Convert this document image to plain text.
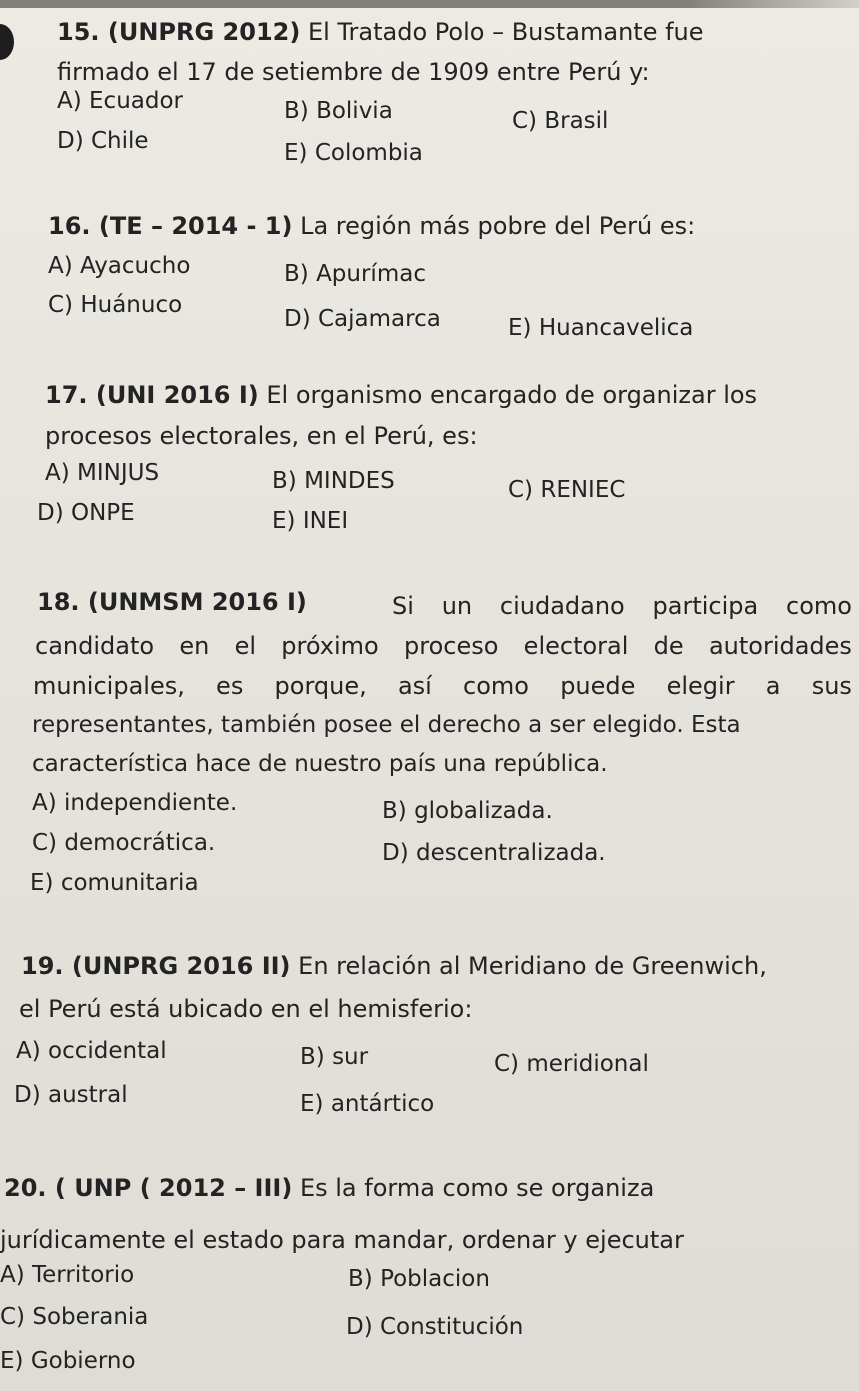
15. (UNPRG 2012) El Tratado Polo – Bustamante fue
firmado el 17 de setiembre de 1909 entre Perú y:
A) Ecuador	B) Bolivia	C) Brasil
D) Chile	E) Colombia
16. (TE – 2014 - 1) La región más pobre del Perú es:
A) Ayacucho	B) Apurímac
C) Huánuco
D) Cajamarca	E) Huancavelica
17. (UNI 2016 I) El organismo encargado de organizar los
procesos electorales, en el Perú, es:
A) MINJUS	B) MINDES	C) RENIEC
D) ONPE	E) INEI
18. (UNMSM 2016 I)	Si un ciudadano participa como
candidato en el próximo proceso electoral de autoridades
municipales, es porque, así como puede elegir a sus
representantes, también posee el derecho a ser elegido. Esta
característica hace de nuestro país una república.
A) independiente.	B) globalizada.
C) democrática.	D) descentralizada.
E) comunitaria
19. (UNPRG 2016 II) En relación al Meridiano de Greenwich,
el Perú está ubicado en el hemisferio:
A) occidental	B) sur	C) meridional
D) austral	E) antártico
20. ( UNP ( 2012 – III) Es la forma como se organiza
jurídicamente el estado para mandar, ordenar y ejecutar
A) Territorio	B) Poblacion
C) Soberania	D) Constitución
E) Gobierno
